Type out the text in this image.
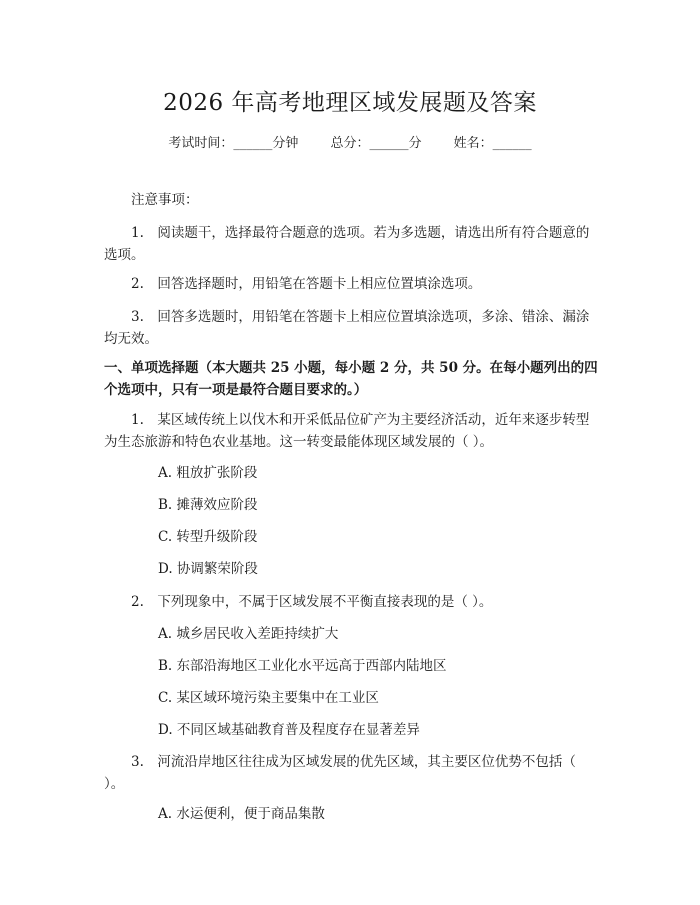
2026 年高考地理区域发展题及答案
考试时间：______分钟 总分：______分 姓名：______
注意事项：
1.　阅读题干，选择最符合题意的选项。若为多选题，请选出所有符合题意的选项。
2.　回答选择题时，用铅笔在答题卡上相应位置填涂选项。
3.　回答多选题时，用铅笔在答题卡上相应位置填涂选项，多涂、错涂、漏涂均无效。
一、单项选择题（本大题共 25 小题，每小题 2 分，共 50 分。在每小题列出的四个选项中，只有一项是最符合题目要求的。）
1.　某区域传统上以伐木和开采低品位矿产为主要经济活动，近年来逐步转型为生态旅游和特色农业基地。这一转变最能体现区域发展的（ ）。
A. 粗放扩张阶段
B. 摊薄效应阶段
C. 转型升级阶段
D. 协调繁荣阶段
2.　下列现象中，不属于区域发展不平衡直接表现的是（ ）。
A. 城乡居民收入差距持续扩大
B. 东部沿海地区工业化水平远高于西部内陆地区
C. 某区域环境污染主要集中在工业区
D. 不同区域基础教育普及程度存在显著差异
3.　河流沿岸地区往往成为区域发展的优先区域，其主要区位优势不包括（ ）。
A. 水运便利，便于商品集散
